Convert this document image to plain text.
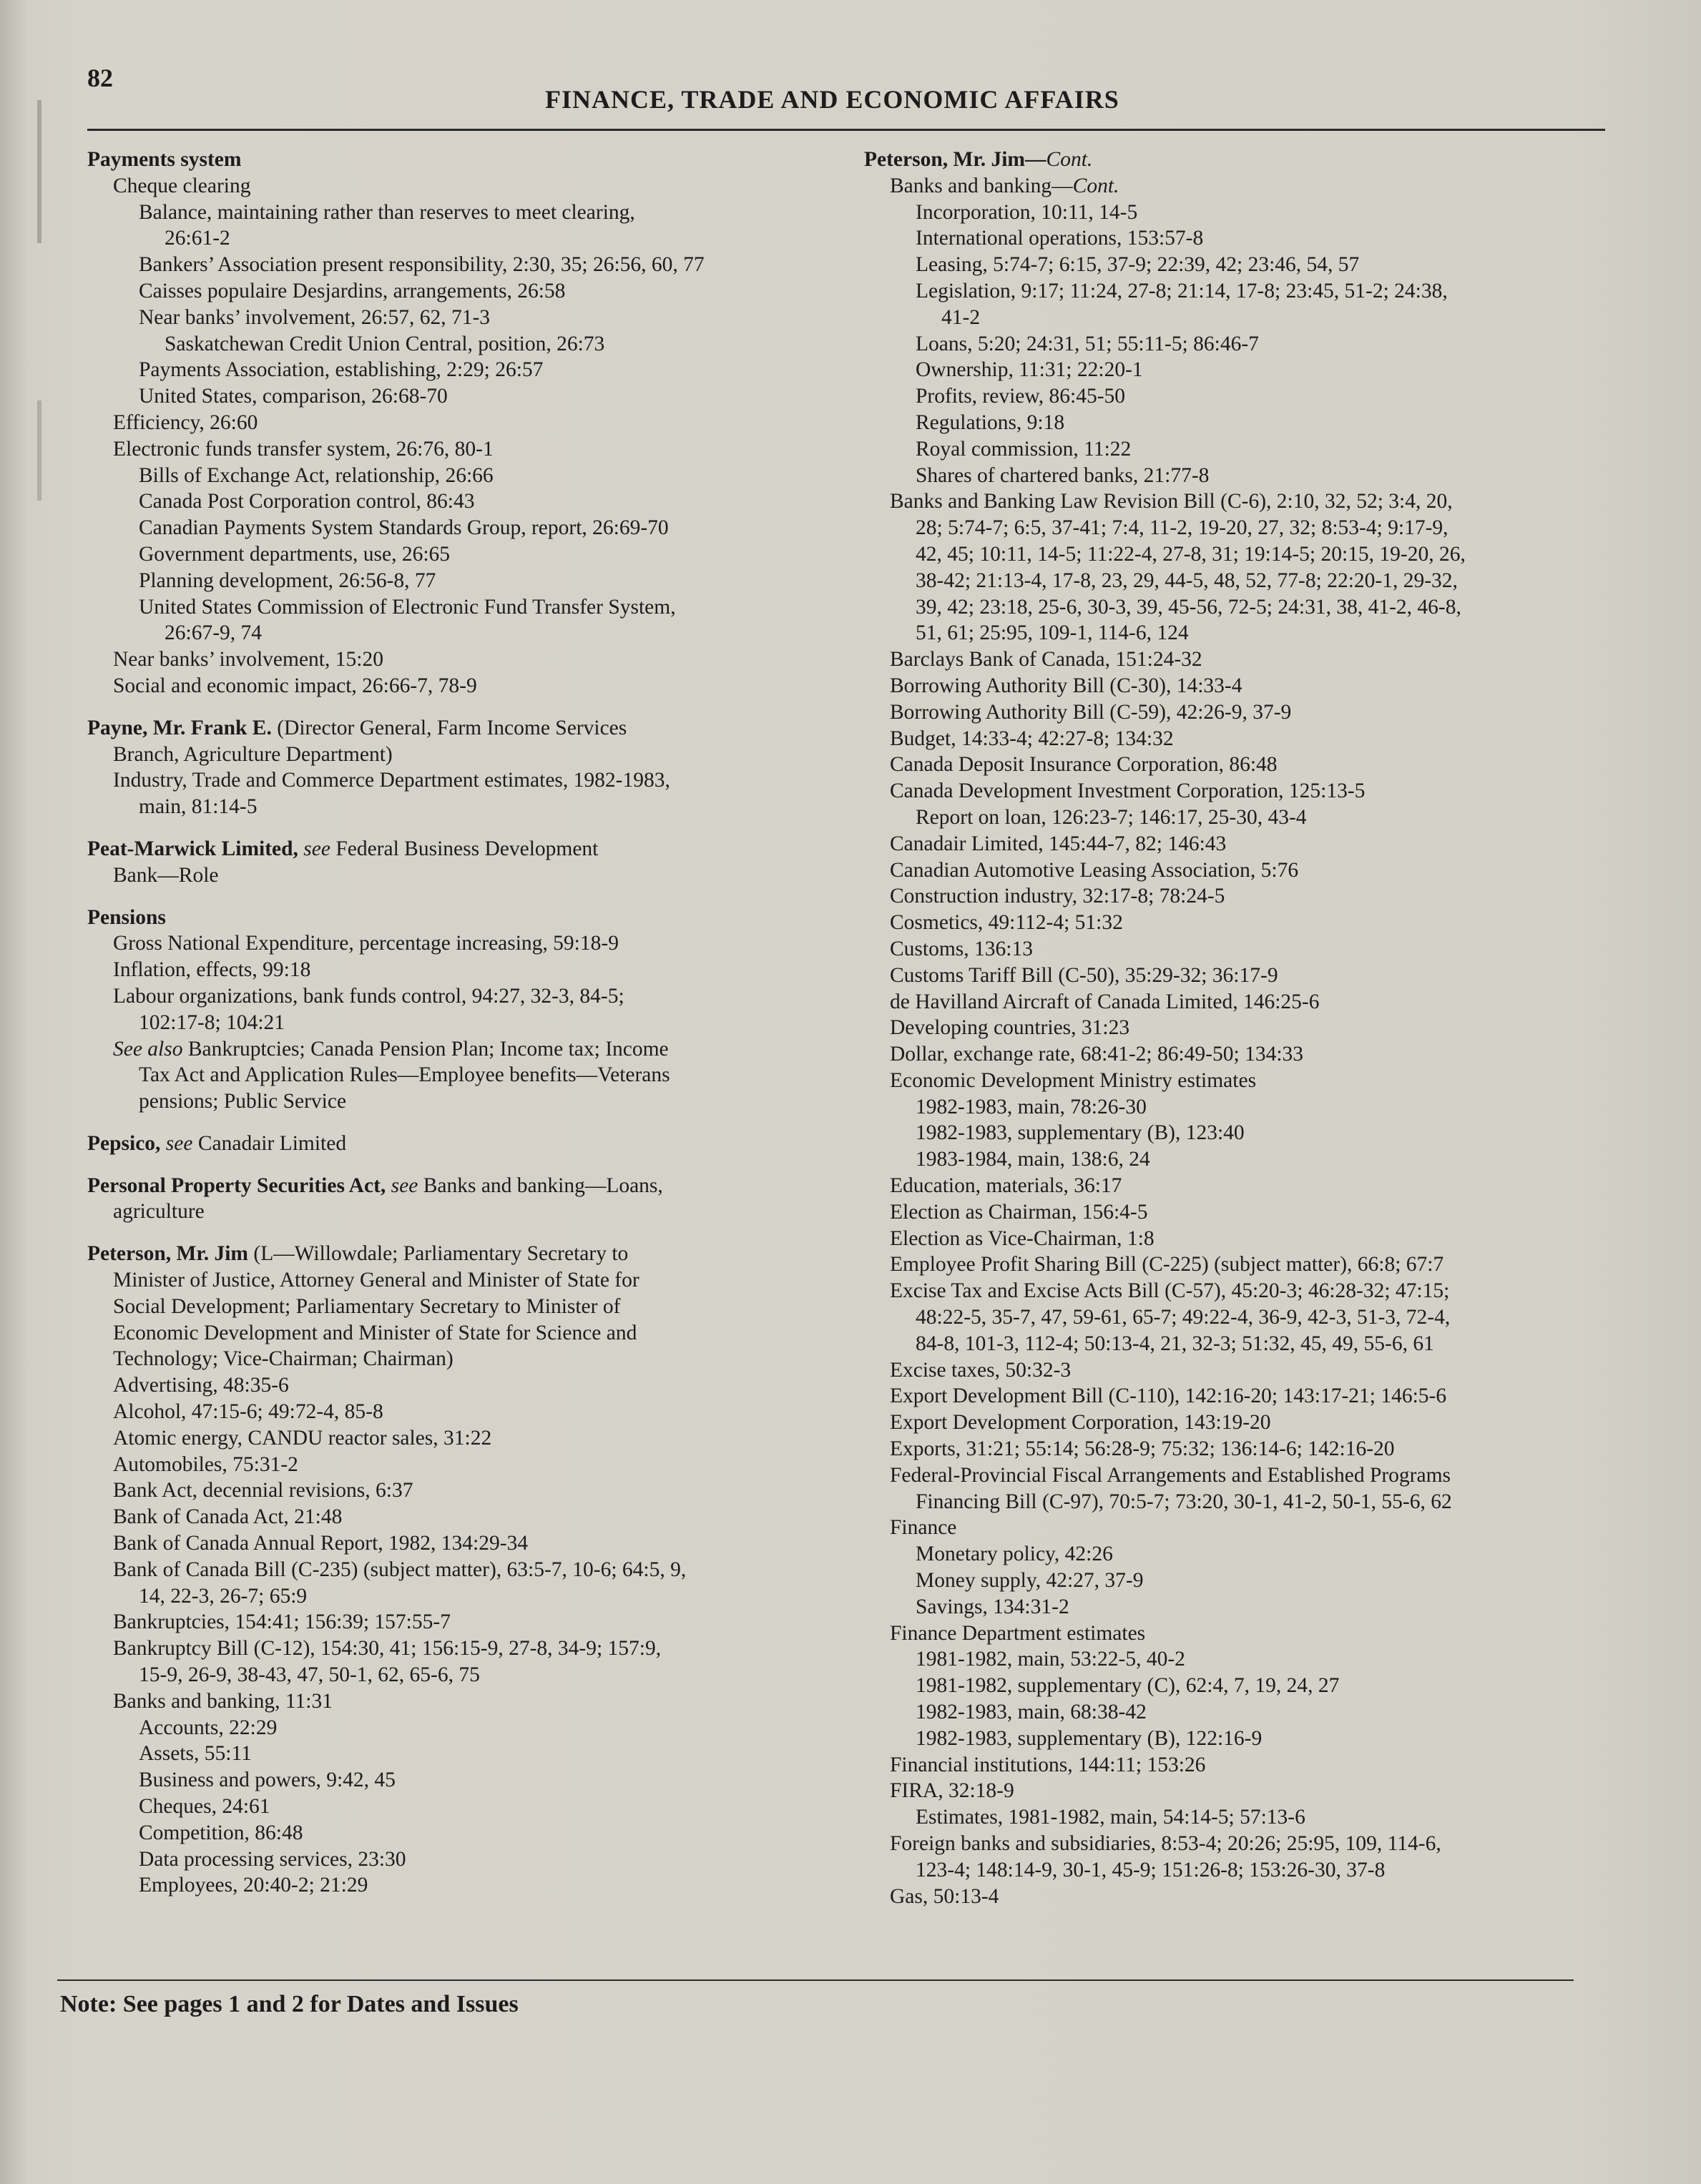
82
FINANCE, TRADE AND ECONOMIC AFFAIRS
Payments system
Cheque clearing
Balance, maintaining rather than reserves to meet clearing,
26:61-2
Bankers’ Association present responsibility, 2:30, 35; 26:56, 60, 77
Caisses populaire Desjardins, arrangements, 26:58
Near banks’ involvement, 26:57, 62, 71-3
Saskatchewan Credit Union Central, position, 26:73
Payments Association, establishing, 2:29; 26:57
United States, comparison, 26:68-70
Efficiency, 26:60
Electronic funds transfer system, 26:76, 80-1
Bills of Exchange Act, relationship, 26:66
Canada Post Corporation control, 86:43
Canadian Payments System Standards Group, report, 26:69-70
Government departments, use, 26:65
Planning development, 26:56-8, 77
United States Commission of Electronic Fund Transfer System,
26:67-9, 74
Near banks’ involvement, 15:20
Social and economic impact, 26:66-7, 78-9
Payne, Mr. Frank E. (Director General, Farm Income Services
Branch, Agriculture Department)
Industry, Trade and Commerce Department estimates, 1982-1983,
main, 81:14-5
Peat-Marwick Limited, see Federal Business Development
Bank—Role
Pensions
Gross National Expenditure, percentage increasing, 59:18-9
Inflation, effects, 99:18
Labour organizations, bank funds control, 94:27, 32-3, 84-5;
102:17-8; 104:21
See also Bankruptcies; Canada Pension Plan; Income tax; Income
Tax Act and Application Rules—Employee benefits—Veterans
pensions; Public Service
Pepsico, see Canadair Limited
Personal Property Securities Act, see Banks and banking—Loans,
agriculture
Peterson, Mr. Jim (L—Willowdale; Parliamentary Secretary to
Minister of Justice, Attorney General and Minister of State for
Social Development; Parliamentary Secretary to Minister of
Economic Development and Minister of State for Science and
Technology; Vice-Chairman; Chairman)
Advertising, 48:35-6
Alcohol, 47:15-6; 49:72-4, 85-8
Atomic energy, CANDU reactor sales, 31:22
Automobiles, 75:31-2
Bank Act, decennial revisions, 6:37
Bank of Canada Act, 21:48
Bank of Canada Annual Report, 1982, 134:29-34
Bank of Canada Bill (C-235) (subject matter), 63:5-7, 10-6; 64:5, 9,
14, 22-3, 26-7; 65:9
Bankruptcies, 154:41; 156:39; 157:55-7
Bankruptcy Bill (C-12), 154:30, 41; 156:15-9, 27-8, 34-9; 157:9,
15-9, 26-9, 38-43, 47, 50-1, 62, 65-6, 75
Banks and banking, 11:31
Accounts, 22:29
Assets, 55:11
Business and powers, 9:42, 45
Cheques, 24:61
Competition, 86:48
Data processing services, 23:30
Employees, 20:40-2; 21:29
Peterson, Mr. Jim—Cont.
Banks and banking—Cont.
Incorporation, 10:11, 14-5
International operations, 153:57-8
Leasing, 5:74-7; 6:15, 37-9; 22:39, 42; 23:46, 54, 57
Legislation, 9:17; 11:24, 27-8; 21:14, 17-8; 23:45, 51-2; 24:38,
41-2
Loans, 5:20; 24:31, 51; 55:11-5; 86:46-7
Ownership, 11:31; 22:20-1
Profits, review, 86:45-50
Regulations, 9:18
Royal commission, 11:22
Shares of chartered banks, 21:77-8
Banks and Banking Law Revision Bill (C-6), 2:10, 32, 52; 3:4, 20,
28; 5:74-7; 6:5, 37-41; 7:4, 11-2, 19-20, 27, 32; 8:53-4; 9:17-9,
42, 45; 10:11, 14-5; 11:22-4, 27-8, 31; 19:14-5; 20:15, 19-20, 26,
38-42; 21:13-4, 17-8, 23, 29, 44-5, 48, 52, 77-8; 22:20-1, 29-32,
39, 42; 23:18, 25-6, 30-3, 39, 45-56, 72-5; 24:31, 38, 41-2, 46-8,
51, 61; 25:95, 109-1, 114-6, 124
Barclays Bank of Canada, 151:24-32
Borrowing Authority Bill (C-30), 14:33-4
Borrowing Authority Bill (C-59), 42:26-9, 37-9
Budget, 14:33-4; 42:27-8; 134:32
Canada Deposit Insurance Corporation, 86:48
Canada Development Investment Corporation, 125:13-5
Report on loan, 126:23-7; 146:17, 25-30, 43-4
Canadair Limited, 145:44-7, 82; 146:43
Canadian Automotive Leasing Association, 5:76
Construction industry, 32:17-8; 78:24-5
Cosmetics, 49:112-4; 51:32
Customs, 136:13
Customs Tariff Bill (C-50), 35:29-32; 36:17-9
de Havilland Aircraft of Canada Limited, 146:25-6
Developing countries, 31:23
Dollar, exchange rate, 68:41-2; 86:49-50; 134:33
Economic Development Ministry estimates
1982-1983, main, 78:26-30
1982-1983, supplementary (B), 123:40
1983-1984, main, 138:6, 24
Education, materials, 36:17
Election as Chairman, 156:4-5
Election as Vice-Chairman, 1:8
Employee Profit Sharing Bill (C-225) (subject matter), 66:8; 67:7
Excise Tax and Excise Acts Bill (C-57), 45:20-3; 46:28-32; 47:15;
48:22-5, 35-7, 47, 59-61, 65-7; 49:22-4, 36-9, 42-3, 51-3, 72-4,
84-8, 101-3, 112-4; 50:13-4, 21, 32-3; 51:32, 45, 49, 55-6, 61
Excise taxes, 50:32-3
Export Development Bill (C-110), 142:16-20; 143:17-21; 146:5-6
Export Development Corporation, 143:19-20
Exports, 31:21; 55:14; 56:28-9; 75:32; 136:14-6; 142:16-20
Federal-Provincial Fiscal Arrangements and Established Programs
Financing Bill (C-97), 70:5-7; 73:20, 30-1, 41-2, 50-1, 55-6, 62
Finance
Monetary policy, 42:26
Money supply, 42:27, 37-9
Savings, 134:31-2
Finance Department estimates
1981-1982, main, 53:22-5, 40-2
1981-1982, supplementary (C), 62:4, 7, 19, 24, 27
1982-1983, main, 68:38-42
1982-1983, supplementary (B), 122:16-9
Financial institutions, 144:11; 153:26
FIRA, 32:18-9
Estimates, 1981-1982, main, 54:14-5; 57:13-6
Foreign banks and subsidiaries, 8:53-4; 20:26; 25:95, 109, 114-6,
123-4; 148:14-9, 30-1, 45-9; 151:26-8; 153:26-30, 37-8
Gas, 50:13-4
Note: See pages 1 and 2 for Dates and Issues
